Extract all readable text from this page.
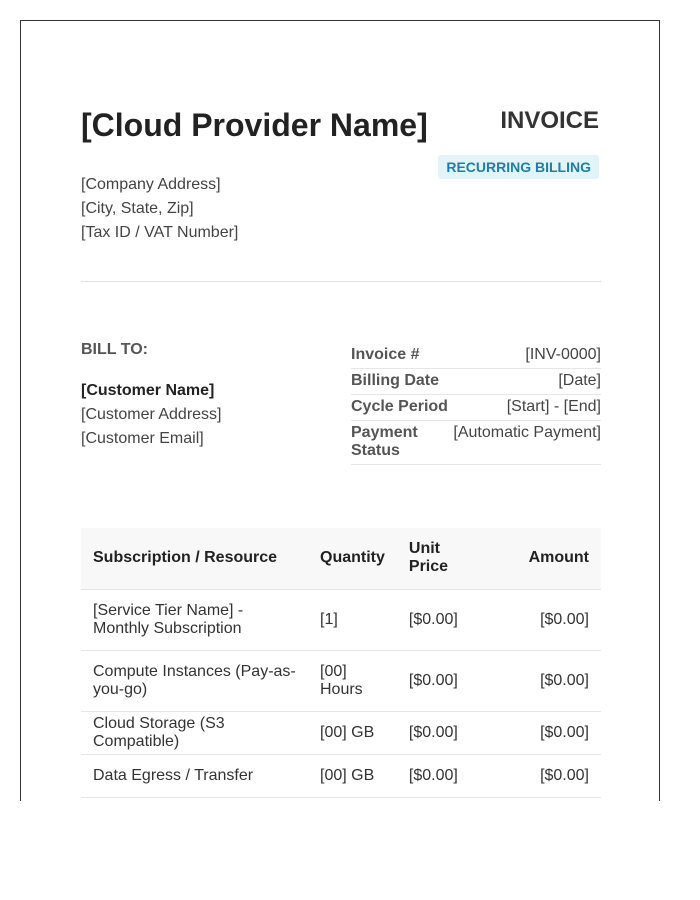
[Cloud Provider Name]	INVOICE
RECURRING BILLING
[Company Address]
[City, State, Zip]
[Tax ID / VAT Number]
BILL TO:
[Customer Name]
[Customer Address]
[Customer Email]
Invoice #	[INV-0000]
Billing Date	[Date]
Cycle Period	[Start] - [End]
Payment Status	[Automatic Payment]
Subscription / Resource	Quantity	Unit Price	Amount
[Service Tier Name] - Monthly Subscription	[1]	[$0.00]	[$0.00]
Compute Instances (Pay-as-you-go)	[00] Hours	[$0.00]	[$0.00]
Cloud Storage (S3 Compatible)	[00] GB	[$0.00]	[$0.00]
Data Egress / Transfer	[00] GB	[$0.00]	[$0.00]
